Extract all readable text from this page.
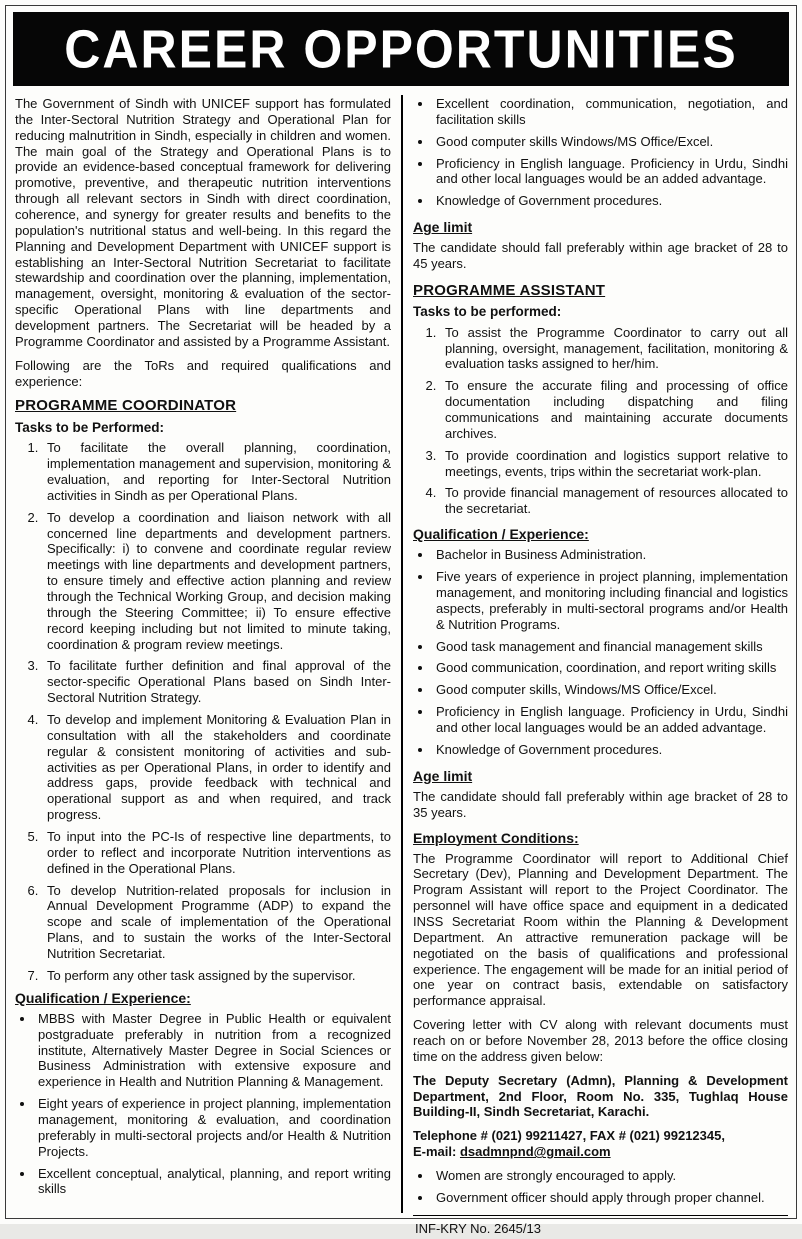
CAREER OPPORTUNITIES

The Government of Sindh with UNICEF support has formulated the Inter-Sectoral Nutrition Strategy and Operational Plan for reducing malnutrition in Sindh, especially in children and women. The main goal of the Strategy and Operational Plans is to provide an evidence-based conceptual framework for delivering promotive, preventive, and therapeutic nutrition interventions through all relevant sectors in Sindh with direct coordination, coherence, and synergy for greater results and benefits to the population's nutritional status and well-being. In this regard the Planning and Development Department with UNICEF support is establishing an Inter-Sectoral Nutrition Secretariat to facilitate stewardship and coordination over the planning, implementation, management, oversight, monitoring & evaluation of the sector-specific Operational Plans with line departments and development partners. The Secretariat will be headed by a Programme Coordinator and assisted by a Programme Assistant.

Following are the ToRs and required qualifications and experience:

PROGRAMME COORDINATOR
Tasks to be Performed:
1. To facilitate the overall planning, coordination, implementation management and supervision, monitoring & evaluation, and reporting for Inter-Sectoral Nutrition activities in Sindh as per Operational Plans.
2. To develop a coordination and liaison network with all concerned line departments and development partners. Specifically: i) to convene and coordinate regular review meetings with line departments and development partners, to ensure timely and effective action planning and review through the Technical Working Group, and decision making through the Steering Committee; ii) To ensure effective record keeping including but not limited to minute taking, coordination & program review meetings.
3. To facilitate further definition and final approval of the sector-specific Operational Plans based on Sindh Inter-Sectoral Nutrition Strategy.
4. To develop and implement Monitoring & Evaluation Plan in consultation with all the stakeholders and coordinate regular & consistent monitoring of activities and sub-activities as per Operational Plans, in order to identify and address gaps, provide feedback with technical and operational support as and when required, and track progress.
5. To input into the PC-Is of respective line departments, to order to reflect and incorporate Nutrition interventions as defined in the Operational Plans.
6. To develop Nutrition-related proposals for inclusion in Annual Development Programme (ADP) to expand the scope and scale of implementation of the Operational Plans, and to sustain the works of the Inter-Sectoral Nutrition Secretariat.
7. To perform any other task assigned by the supervisor.
Qualification / Experience:
• MBBS with Master Degree in Public Health or equivalent postgraduate preferably in nutrition from a recognized institute, Alternatively Master Degree in Social Sciences or Business Administration with extensive exposure and experience in Health and Nutrition Planning & Management.
• Eight years of experience in project planning, implementation management, monitoring & evaluation, and coordination preferably in multi-sectoral projects and/or Health & Nutrition Projects.
• Excellent conceptual, analytical, planning, and report writing skills
• Excellent coordination, communication, negotiation, and facilitation skills
• Good computer skills Windows/MS Office/Excel.
• Proficiency in English language. Proficiency in Urdu, Sindhi and other local languages would be an added advantage.
• Knowledge of Government procedures.
Age limit

The candidate should fall preferably within age bracket of 28 to 45 years.

PROGRAMME ASSISTANT
Tasks to be performed:
1. To assist the Programme Coordinator to carry out all planning, oversight, management, facilitation, monitoring & evaluation tasks assigned to her/him.
2. To ensure the accurate filing and processing of office documentation including dispatching and filing communications and maintaining accurate documents archives.
3. To provide coordination and logistics support relative to meetings, events, trips within the secretariat work-plan.
4. To provide financial management of resources allocated to the secretariat.
Qualification / Experience:
• Bachelor in Business Administration.
• Five years of experience in project planning, implementation management, and monitoring including financial and logistics aspects, preferably in multi-sectoral programs and/or Health & Nutrition Programs.
• Good task management and financial management skills
• Good communication, coordination, and report writing skills
• Good computer skills, Windows/MS Office/Excel.
• Proficiency in English language. Proficiency in Urdu, Sindhi and other local languages would be an added advantage.
• Knowledge of Government procedures.
Age limit

The candidate should fall preferably within age bracket of 28 to 35 years.

Employment Conditions:

The Programme Coordinator will report to Additional Chief Secretary (Dev), Planning and Development Department. The Program Assistant will report to the Project Coordinator. The personnel will have office space and equipment in a dedicated INSS Secretariat Room within the Planning & Development Department. An attractive remuneration package will be negotiated on the basis of qualifications and professional experience. The engagement will be made for an initial period of one year on contract basis, extendable on satisfactory performance appraisal.

Covering letter with CV along with relevant documents must reach on or before November 28, 2013 before the office closing time on the address given below:

The Deputy Secretary (Admn), Planning & Development Department, 2nd Floor, Room No. 335, Tughlaq House Building-II, Sindh Secretariat, Karachi.

Telephone # (021) 99211427, FAX # (021) 99212345,
E-mail: dsadmnpnd@gmail.com

• Women are strongly encouraged to apply.
• Government officer should apply through proper channel.
INF-KRY No. 2645/13
